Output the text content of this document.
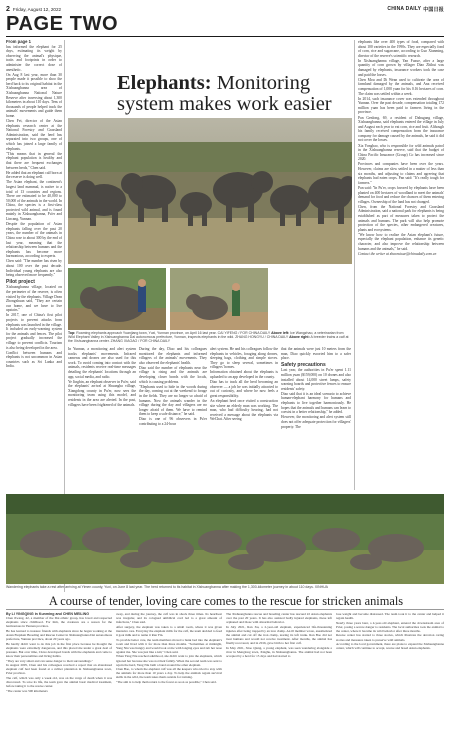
2 Friday, August 12, 2022	CHINA DAILY 中国日报
PAGE TWO
From page 1

has informed the elephant for 25 days, estimating its weight by observing the animal's physique, traits and footprints in order to administer the correct dose of anesthetic.

On Aug 8 last year, more than 30 people made it possible to shoo the herd back to its original habitat in the Xishuangbanna area of Xishuangbanna National Nature Reserve after traversing about 1,300 kilometers in about 110 days. Tens of thousands of people helped track the animals' movements and guide them home.

Chen Fei, director of the Asian elephants research center at the National Forestry and Grassland Administration, said the herd has separated into two groups, one of which has joined a large family of elephants.

"This means that in general the elephant population is healthy and that there are frequent exchanges between herds," Chen said.

He added that an elephant calf born at the reserve is doing well.

The Asian elephant, the continent's largest land mammal, is native to a total of 13 countries and regions. There are estimated to be 40,000 to 50,000 of the animals in the world. In China, the species is a first-class protected wild animal, and is found mainly in Xishuangbanna, Pu'er and Lincang, Yunnan.

Despite the population of Asian elephants falling over the past 20 years, the number of the animals in China rose to about 300 by the end of last year, meaning that the relationship between humans and the elephants has become more harmonious, according to experts.

Chen said: "The number has risen by about 100 over the past decade. Individual young elephants are also being observed more frequently."

Pilot project

Xishuangbanna village, located on the perimeter of the reserve, is often visited by the elephants. Village Dean Zhongzhuan said, "They are certain our home, and we have to live upstairs."

In 2017, one of China's first pilot projects to prevent attacks from elephants was launched in the village. It included an early-warning system for the animals and fences. The pilot project gradually increased the village to prevent conflicts. Tourism is also being developed in the area.

Conflict between humans and elephants is not uncommon in Asian countries such as Sri Lanka and India.

Elephants: Monitoring
system makes work easier
Top: Roaming elephants approach Yuanjiang town, Yuxi, Yunnan province, on April 16 last year. CAI YIFENG / FOR CHINA DAILY Above left: Ice Wangzhao, a veterinarian from Wild Elephant Valley in Xishuangbanna Dai autonomous prefecture, Yunnan, inspects elephants in the wild. ZHANG HONGYU / CHINA DAILY Above right: A breeder trains a calf at the Xishuangbanna center. ZHANG XIAOAO / FOR CHINA DAILY

In Yunnan, a monitoring and alert system tracks elephants' movements. Infrared cameras and drones are also used for this work. To avoid coming into contact with the animals, residents receive real-time messages detailing the elephants' locations through an app, social media, and radio.

Ye Jingbin, an elephant observer in Pu'er, said the elephants' arrival at Shuangba village, Xiangdong county in Pu'er, now sees the monitoring team using this model, and residents in the area are alerted. In the past, villagers have been frightened of the animals.

During the day, Diao and his colleagues monitored the elephants and informed villagers of the animals' movements. They also observed the elephants' health.

Diao said the number of elephants near the village is rising and the animals are developing closer bonds with the locals, which is causing problems.

"Elephants used to hide in the woods during the day, coming out at the weekend to forage in the fields. They are no longer so afraid of humans. Now the animals wander in the village during the day and villagers are no longer afraid of them. We have to remind them to keep a safe distance," he said.

Diao is one of 96 observers in Pu'er contributing to a 24-hour

alert system. He and his colleagues follow the elephants in vehicles, foraging along drones, sleeping bags, clothing and simple stoves. They go to sleep several, sometimes in villagers' homes.

Information obtained about the elephants is uploaded to an app developed in the county.

Diao has to track all the herd becoming an observer — a job he was initially attracted to out of curiosity, and where he now feels a great responsibility.

An elephant herd once visited a construction site where an elderly man was working. The man, who had difficulty hearing, had not received a message about the elephants via WeChat. After seeing

that the animals were just 10 meters from the man, Diao quickly escorted him to a safer place.

Safety precautions

Last year, the authorities in Pu'er spent 1.11 million yuan ($159,000) on 10 drones and also installed about 14,000 street lamps, safety warning boards and protective fences to ensure residents' safety.

Diao said that it is an ideal scenario to achieve human-elephant harmony for humans and elephants to live together harmoniously. He hopes that the animals and humans can learn to coexist in a better relationship," he added.

However, the monitoring and alert system still does not offer adequate protection for villagers' property. The

elephants like over 400 types of food, compared with about 100 varieties in the 1990s. They are especially fond of corn, rice and sugarcane, according to Guo Xianming, director of the reserve's scientific research.

In Xishuangbanna village, Yan Fuxue, after a large quantity of corn grown by villager Diao Zhihui was damaged by elephants, insurance workers took the case and paid the losses.

Chen Mou and Di Wean used to cultivate the area of farmland damaged by the animals, and Ana received compensation of 1,000 yuan for his 0.16 hectares of corn. The claim was settled within a week.

In 2014, such insurance cover was extended throughout Yunnan. Over the past decade, compensation totaling 172 million yuan has been paid to farmers living in the province.

Pan Genlong, 69, a resident of Dabugang village, Xishuangbanna, said elephants entered the village in July and August each year to eat corn, rice and fruit. Although his family received compensation from the insurance company for damage caused by the animals, he said it did not cover the losses.

Xia Yongbao, who is responsible for wild animals patrol in the Xishuangbanna reserve, said that the budget of China Pacific Insurance (Group) Co has increased since 2020.

Provinces and companies have been over the years. However, claims are slow settled in a matter of less than six months, and adjusting to claims and agreeing that elephants had eaten crops. Pan said: "It's really tough for farmers."

Pan said: "In Pu'er, crops favored by elephants have been planted on 400 hectares of woodland to meet the animals' demand for food and reduce the chances of them entering villages. Ownership of the land has not changed.

Chen, from the National Forestry and Grassland Administration, said a national park for elephants is being established as part of measures taken to protect the animals and humans. The park will also help promote protection of the species, other endangered creatures, plants and ecosystems.

"We know how to realize the Asian elephant's future, especially the elephant population, enhance its genetic character, and also improve the relationship between humans and the animals," he said.

Contact the writer at zhaoruixue@chinadaily.com.cn

Wandering elephants take a rest after arriving at Yimen county, Yuxi, on June 8 last year. The herd returned to its habitat in Xishuangbanna after making the 1,300-kilometer journey in about 110 days. XINHUA
A course of tender, loving care comes to the rescue for stricken animals
By LI YINGQING in Kunming and CHEN MEILING

Chen Jiwang, 42, a member of the Dai ethnic group, has loved and respected elephants since childhood. For him, the creatures are a reason for the harmonious in Yunnan province.

He has learned to treasure friends with elephants since he began working at the Asian Elephant Breeding and Rescue Center in Xishuangbanna Dai autonomous prefecture, Yunnan province, about 20 years ago.

He hardly didn't want to do this job in the first place because he thought the elephants were extremely dangerous, and this placed me under a great deal of pressure. But over time, I have developed bonds with the elephants and come to know their personalities and living habits.

"They are very smart and can sense danger to their surroundings."

In August 2005, Chen and his colleagues received a report that an abandoned elephant calf had been found at a rubber plantation in Xishuangbanna town, Pu'er province.

The calf, which was only a week old, was on the verge of death when it was discovered. To save its life, the team gave the animal basic medical treatment, before taking it to the rescue center.

"The center was 500 kilometers

away, and during the journey, the calf was in shock three times. Its heartbeat was irregular, and its cologned umbilical cord led to a great amount of infections," Chen said.

After surgery, the elephant was taken to a small room, where it was given intensive care. Everyday the elephant mills for the calf, the team decided to feed it goat milk and to name it Ran Yin.

To provide better care, the team members moved a bunk bed into the elephant's room and lived with it for more than three months. "Sometimes at midnight, Yang Niu was hungry and would look at me with longing eyes and rub her nose against me. She was just like a kid," Chen said.

When Yang Niu reached adulthood, she didn't want to join the elephants, which ignored her because she was not their family. When the second team was sent to rejoin the herd, Yang Niu built a band around the other elephant.

Chen Bao, to whom the elephant calf was all the keepers who tried to stay with the animals for more than 10 years a day. To help the animals regain survival skills in the wild, the team takes them outside for training.

"The aim is to help them return to the forest as soon as possible," Chen said.

The Xishuangbanna rescue and breeding center has rescued 22 Asian elephants over the past 20 years. It has also assisted badly injured elephants, these left orphaned and those with abnormal behavior.

In July 2021, Ran Xu, a 2-year-old elephant, experienced life-threatening injuries after being trapped by an iron clamp. An ill member wrote, anesthetized the animal and cut off the iron clamp, tearing its left trunk. Ran Bao did not treat humans and would not receive treatment. After months, the animal has finally recovered, and in 2016, gave birth to her first calf.

In May 2021, Xiao Qiang, a young elephant, was seen wandering alongside a river in Menglong town, Xinghu, in Xishuangbanna. The animal had not been accepted by a herd for 15 days and had started to

lose weight and become distressed. The team took it to the center and helped it regain health.

Nearly three years later, a 4-year-old elephant, entered the downstream area of Pu'er, posing a severe danger to residents. The local authorities took the animal to the center, where it became its wild behavior after three months.

Rescue center has started to three stories, which illustrate the devotion caring stories and measures taken to preserve wild animals.

According to the local government, there are plans to expand the Xishuangbanna center, which will continue to accept, rescue and breed Asian elephants.
